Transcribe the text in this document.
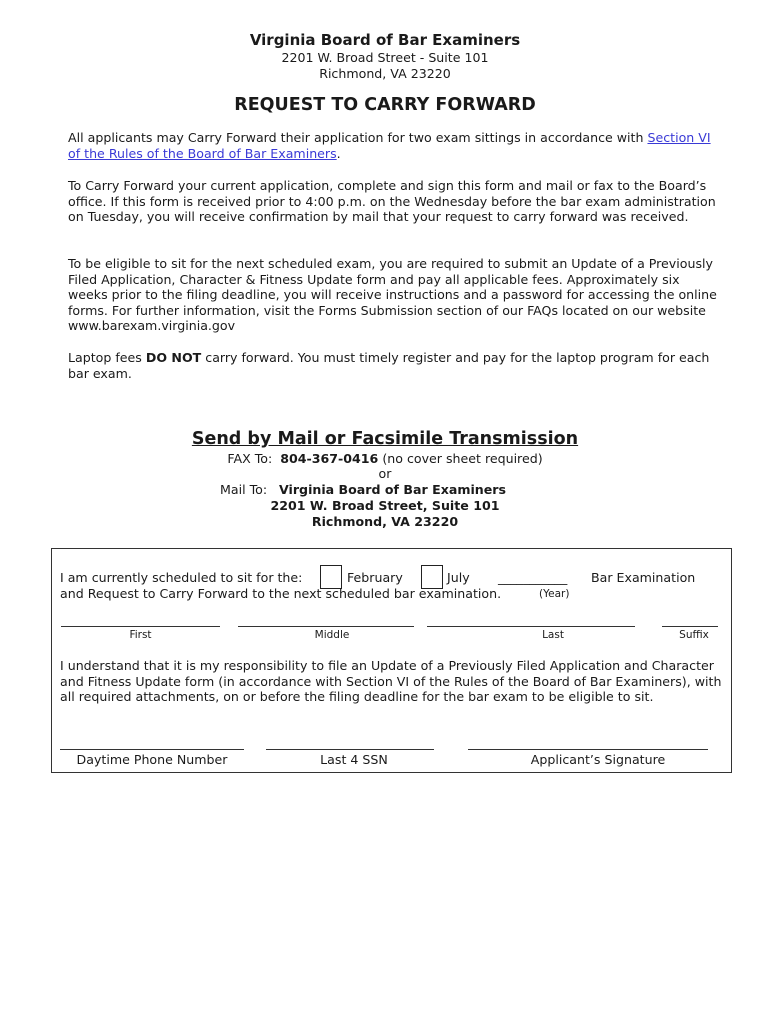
Virginia Board of Bar Examiners
2201 W. Broad Street - Suite 101
Richmond, VA 23220
REQUEST TO CARRY FORWARD

All applicants may Carry Forward their application for two exam sittings in accordance with Section VI of the Rules of the Board of Bar Examiners.

To Carry Forward your current application, complete and sign this form and mail or fax to the Board’s office. If this form is received prior to 4:00 p.m. on the Wednesday before the bar exam administration on Tuesday, you will receive confirmation by mail that your request to carry forward was received.

To be eligible to sit for the next scheduled exam, you are required to submit an Update of a Previously Filed Application, Character & Fitness Update form and pay all applicable fees. Approximately six weeks prior to the filing deadline, you will receive instructions and a password for accessing the online forms. For further information, visit the Forms Submission section of our FAQs located on our website www.barexam.virginia.gov

Laptop fees DO NOT carry forward. You must timely register and pay for the laptop program for each bar exam.

Send by Mail or Facsimile Transmission
FAX To: 804-367-0416 (no cover sheet required)
or
Mail To: Virginia Board of Bar Examiners
2201 W. Broad Street, Suite 101
Richmond, VA 23220
I am currently scheduled to sit for the:	February	July ___________ Bar Examination
and Request to Carry Forward to the next scheduled bar examination.	(Year)
First	Middle	Last	Suffix

I understand that it is my responsibility to file an Update of a Previously Filed Application and Character and Fitness Update form (in accordance with Section VI of the Rules of the Board of Bar Examiners), with all required attachments, on or before the filing deadline for the bar exam to be eligible to sit.

Daytime Phone Number	Last 4 SSN	Applicant’s Signature
